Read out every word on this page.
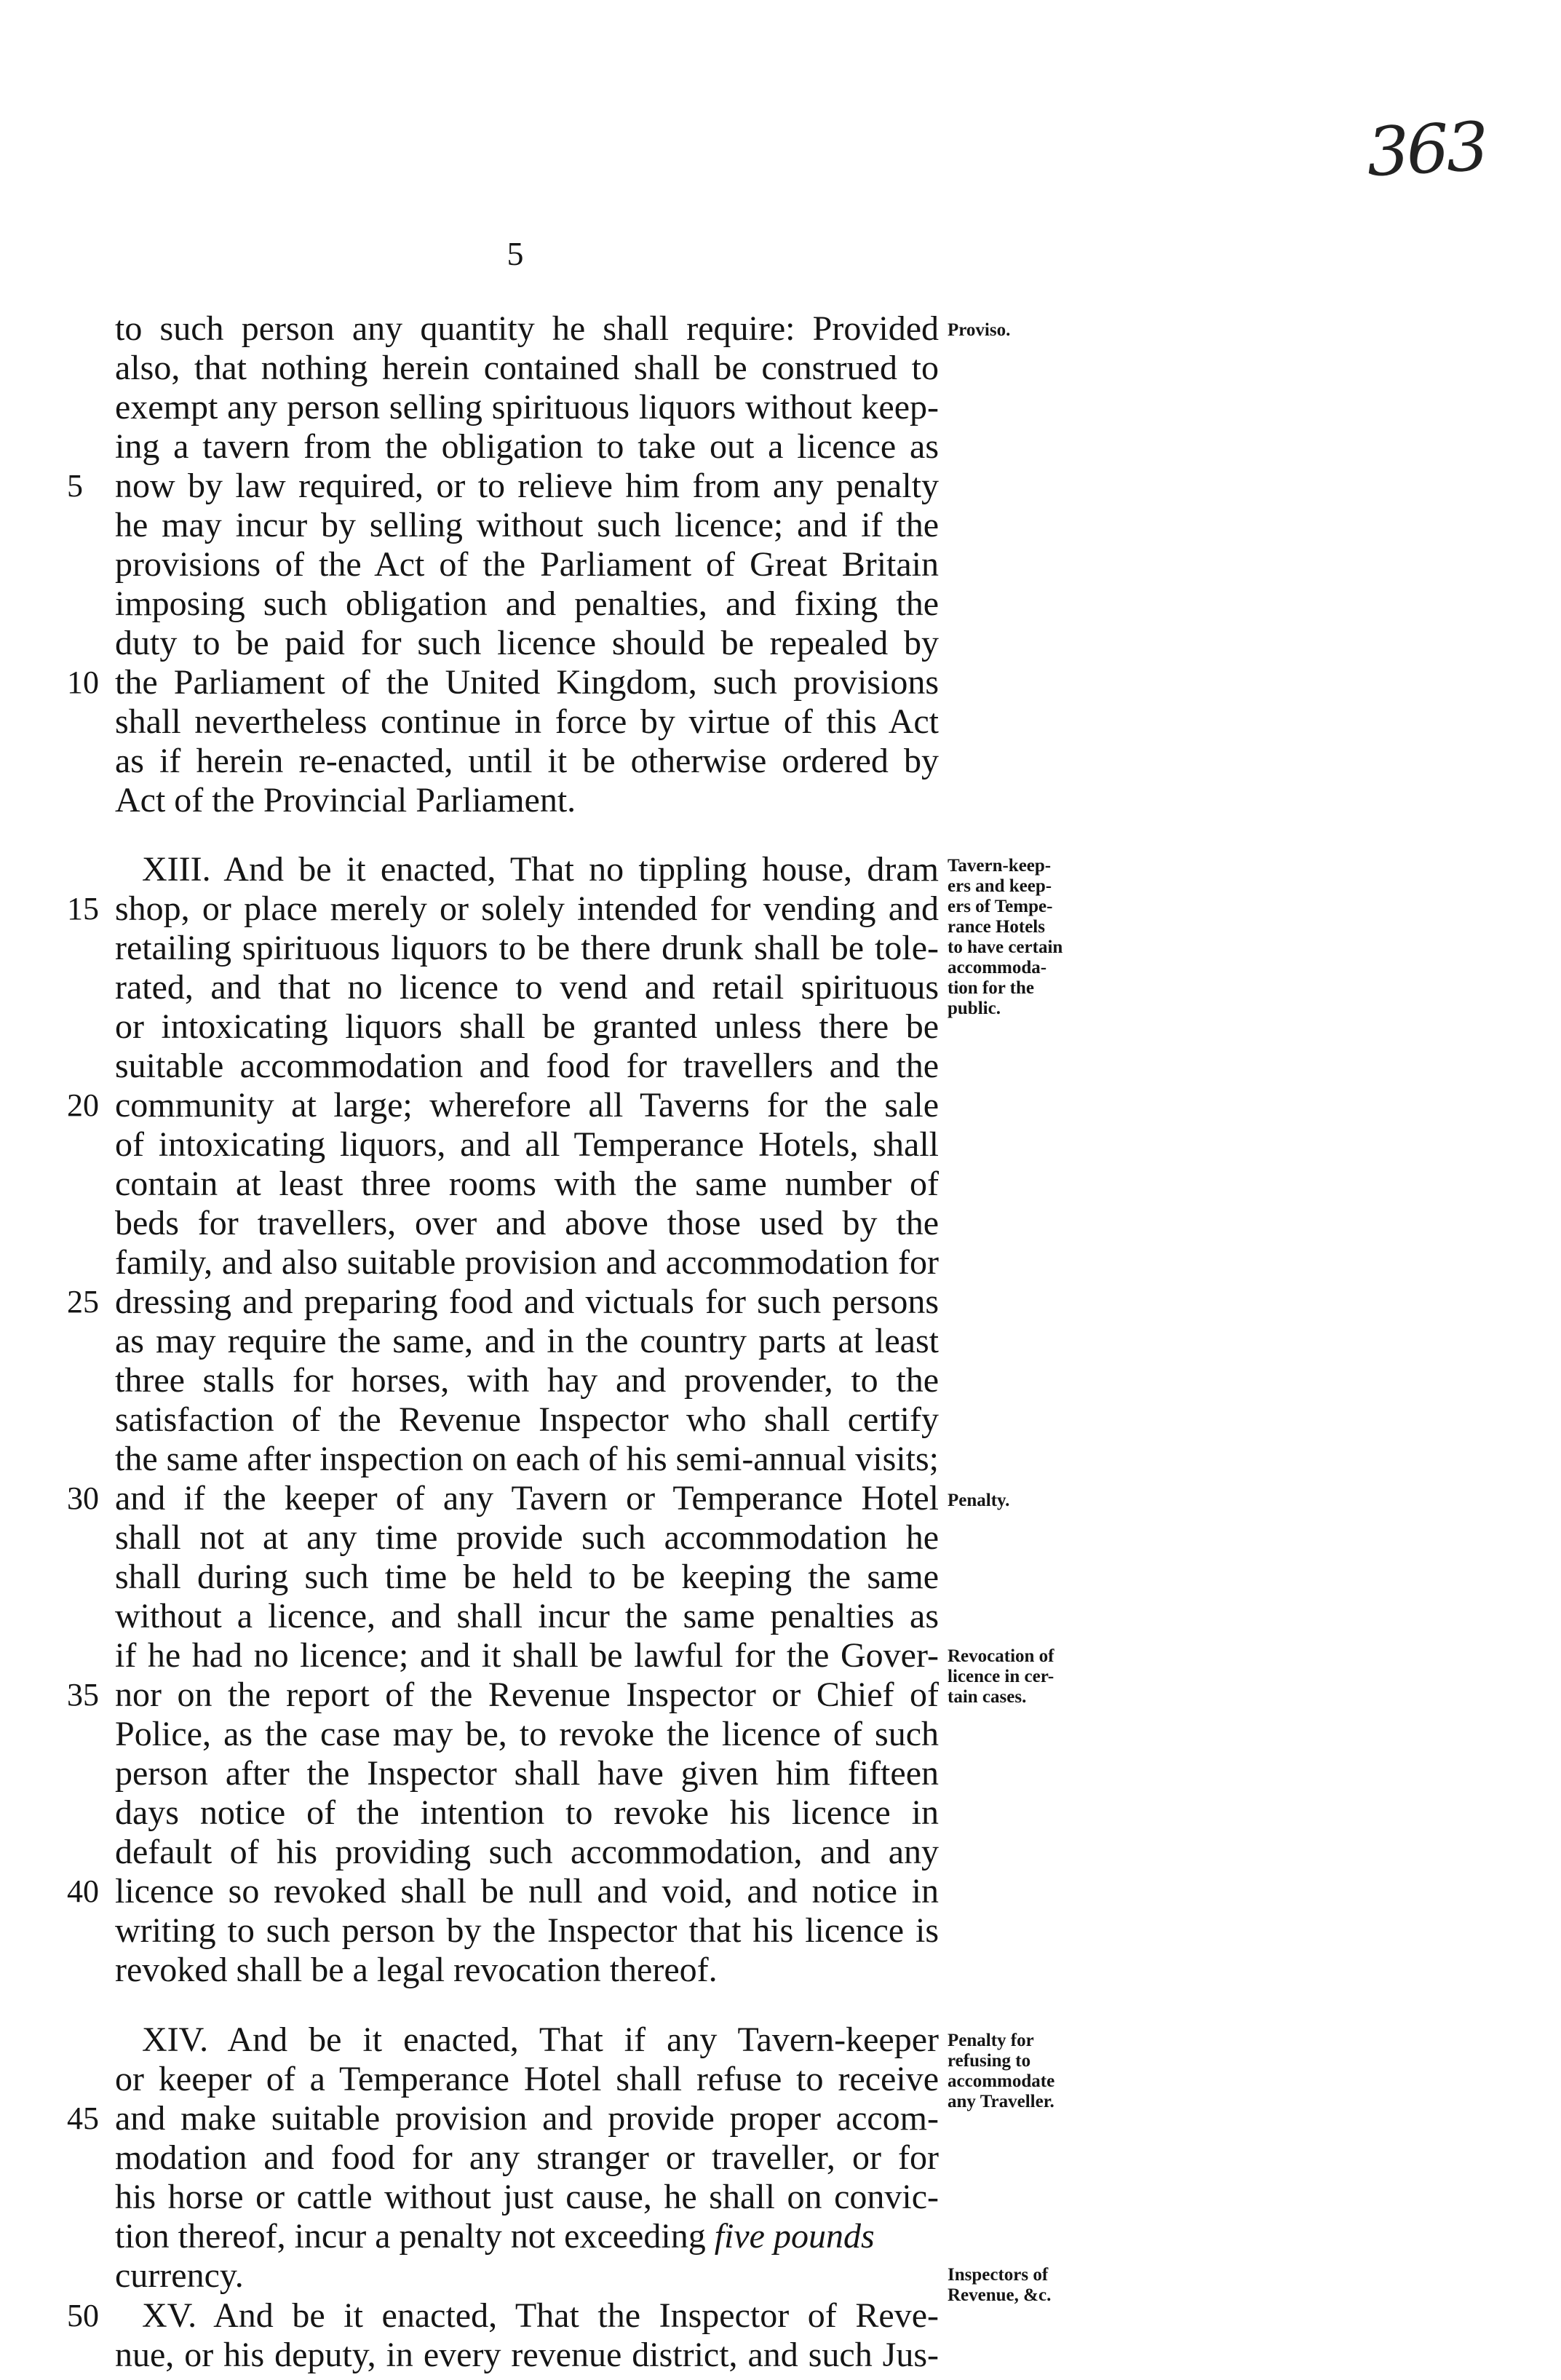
363
5
to such person any quantity he shall require: Provided
also, that nothing herein contained shall be construed to
exempt any person selling spirituous liquors without keep-
ing a tavern from the obligation to take out a licence as
now by law required, or to relieve him from any penalty
he may incur by selling without such licence; and if the
provisions of the Act of the Parliament of Great Britain
imposing such obligation and penalties, and fixing the
duty to be paid for such licence should be repealed by
the Parliament of the United Kingdom, such provisions
shall nevertheless continue in force by virtue of this Act
as if herein re-enacted, until it be otherwise ordered by
Act of the Provincial Parliament.
XIII. And be it enacted, That no tippling house, dram
shop, or place merely or solely intended for vending and
retailing spirituous liquors to be there drunk shall be tole-
rated, and that no licence to vend and retail spirituous
or intoxicating liquors shall be granted unless there be
suitable accommodation and food for travellers and the
community at large; wherefore all Taverns for the sale
of intoxicating liquors, and all Temperance Hotels, shall
contain at least three rooms with the same number of
beds for travellers, over and above those used by the
family, and also suitable provision and accommodation for
dressing and preparing food and victuals for such persons
as may require the same, and in the country parts at least
three stalls for horses, with hay and provender, to the
satisfaction of the Revenue Inspector who shall certify
the same after inspection on each of his semi-annual visits;
and if the keeper of any Tavern or Temperance Hotel
shall not at any time provide such accommodation he
shall during such time be held to be keeping the same
without a licence, and shall incur the same penalties as
if he had no licence; and it shall be lawful for the Gover-
nor on the report of the Revenue Inspector or Chief of
Police, as the case may be, to revoke the licence of such
person after the Inspector shall have given him fifteen
days notice of the intention to revoke his licence in
default of his providing such accommodation, and any
licence so revoked shall be null and void, and notice in
writing to such person by the Inspector that his licence is
revoked shall be a legal revocation thereof.
XIV. And be it enacted, That if any Tavern-keeper
or keeper of a Temperance Hotel shall refuse to receive
and make suitable provision and provide proper accom-
modation and food for any stranger or traveller, or for
his horse or cattle without just cause, he shall on convic-
tion thereof, incur a penalty not exceeding five pounds
currency.
5
10
15
20
25
30
35
40
45
50
Proviso.
Tavern-keep-
ers and keep-
ers of Tempe-
rance Hotels
to have certain
accommoda-
tion for the
public.
Penalty.
Revocation of
licence in cer-
tain cases.
Penalty for
refusing to
accommodate
any Traveller.
Inspectors of
Revenue, &c.
XV. And be it enacted, That the Inspector of Reve-
nue, or his deputy, in every revenue district, and such Jus-
